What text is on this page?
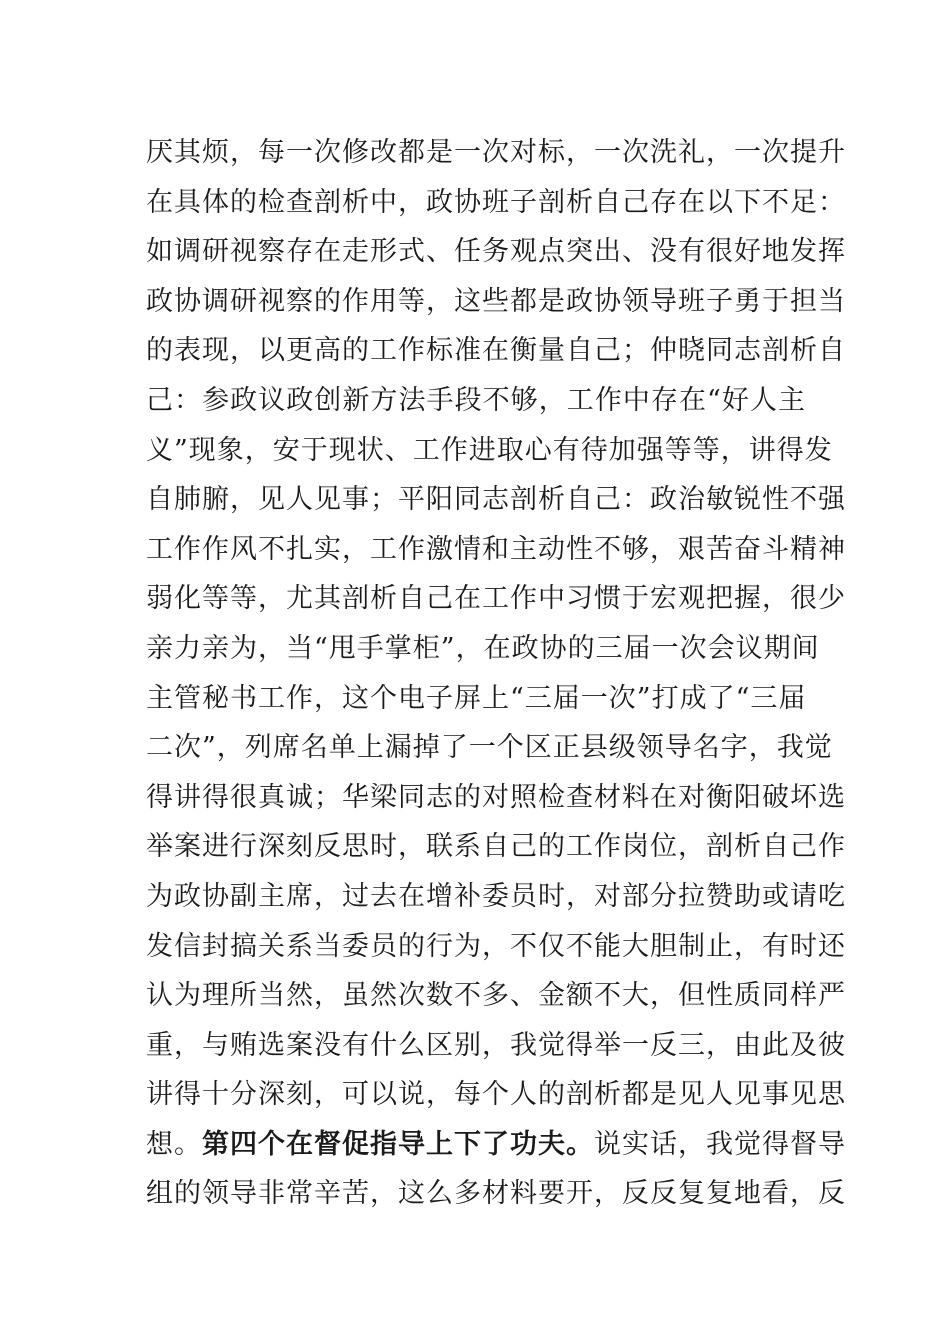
厌其烦，每一次修改都是一次对标，一次洗礼，一次提升
在具体的检查剖析中，政协班子剖析自己存在以下不足：
如调研视察存在走形式、任务观点突出、没有很好地发挥
政协调研视察的作用等，这些都是政协领导班子勇于担当
的表现，以更高的工作标准在衡量自己；仲晓同志剖析自
己：参政议政创新方法手段不够，工作中存在“好人主
义”现象，安于现状、工作进取心有待加强等等，讲得发
自肺腑，见人见事；平阳同志剖析自己：政治敏锐性不强
工作作风不扎实，工作激情和主动性不够，艰苦奋斗精神
弱化等等，尤其剖析自己在工作中习惯于宏观把握，很少
亲力亲为，当“甩手掌柜”，在政协的三届一次会议期间
主管秘书工作，这个电子屏上“三届一次”打成了“三届
二次”，列席名单上漏掉了一个区正县级领导名字，我觉
得讲得很真诚；华梁同志的对照检查材料在对衡阳破坏选
举案进行深刻反思时，联系自己的工作岗位，剖析自己作
为政协副主席，过去在增补委员时，对部分拉赞助或请吃
发信封搞关系当委员的行为，不仅不能大胆制止，有时还
认为理所当然，虽然次数不多、金额不大，但性质同样严
重，与贿选案没有什么区别，我觉得举一反三，由此及彼
讲得十分深刻，可以说，每个人的剖析都是见人见事见思
想。第四个在督促指导上下了功夫。说实话，我觉得督导
组的领导非常辛苦，这么多材料要开，反反复复地看，反
